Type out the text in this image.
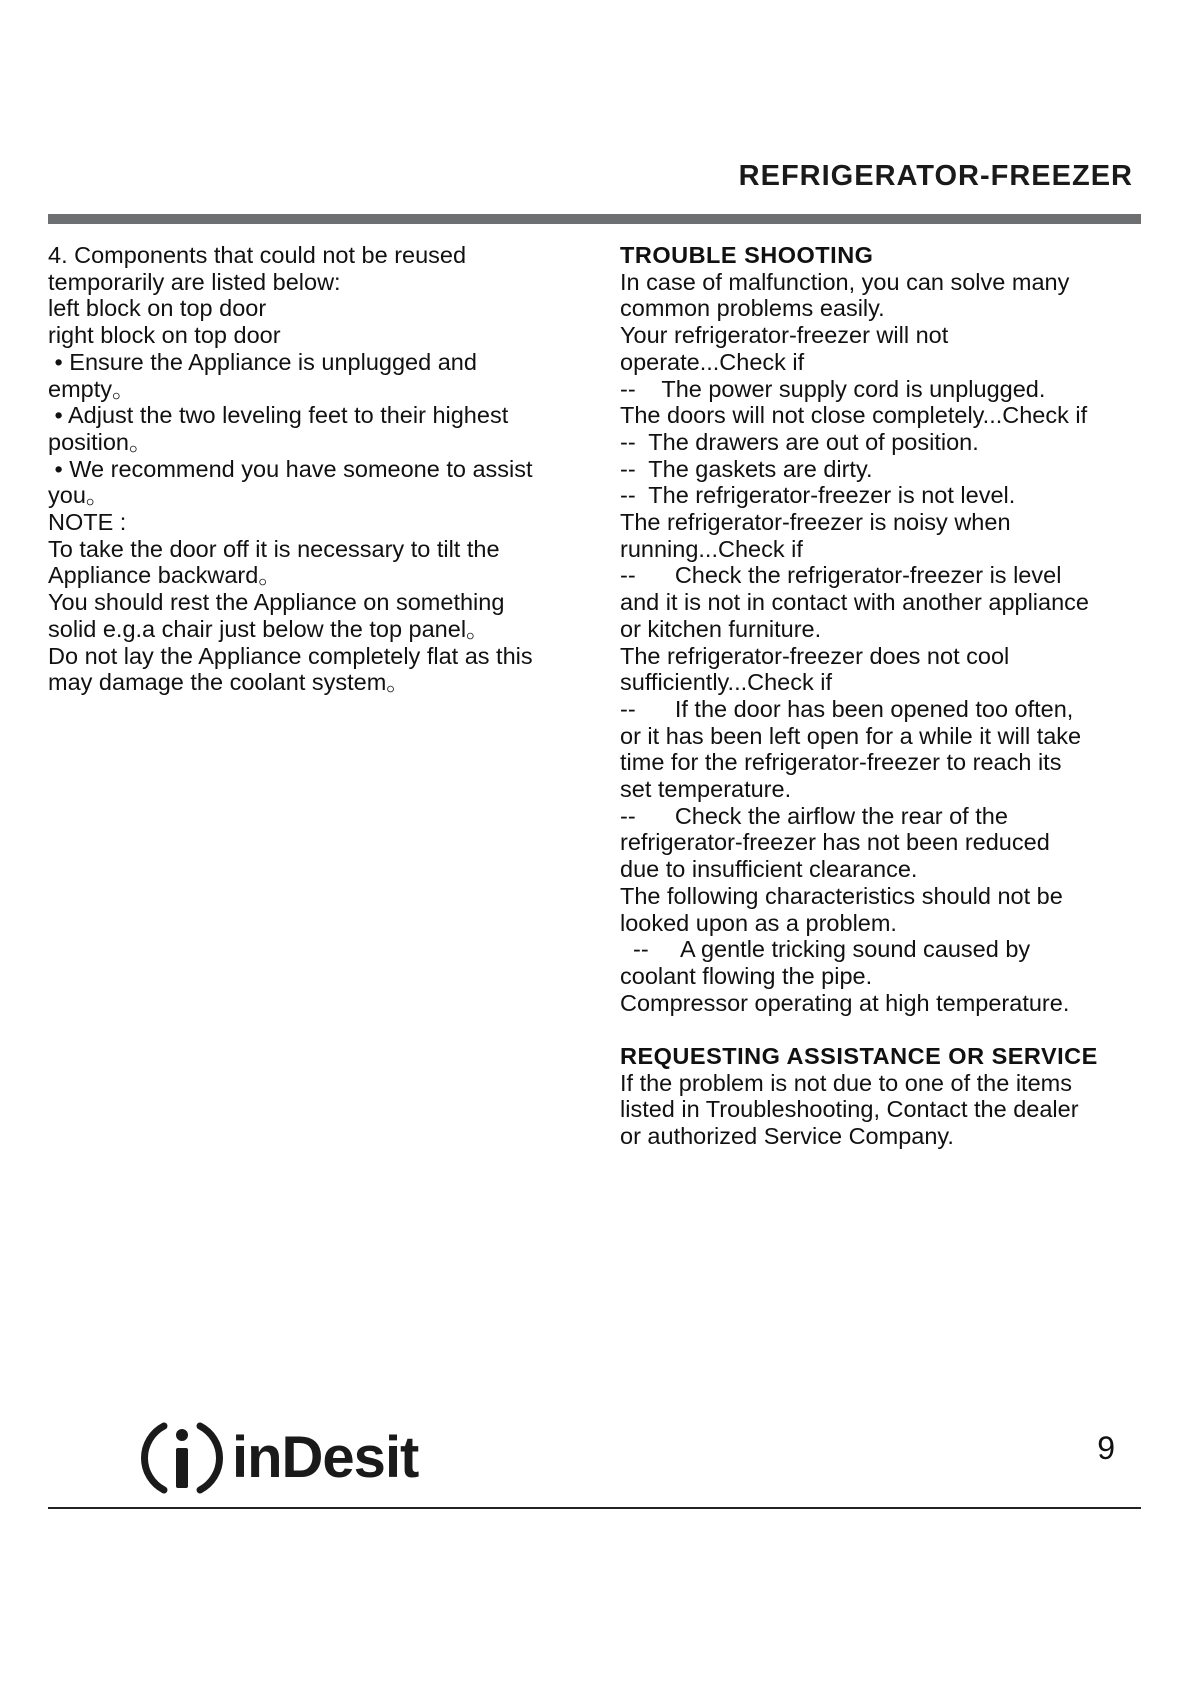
REFRIGERATOR-FREEZER
4. Components that could not be reused
temporarily are listed below:
left block on top door
right block on top door
• Ensure the Appliance is unplugged and
empty。
• Adjust the two leveling feet to their highest
position。
• We recommend you have someone to assist
you。
NOTE :
To take the door off it is necessary to tilt the
Appliance backward。
You should rest the Appliance on something
solid e.g.a chair just below the top panel。
Do not lay the Appliance completely flat as this
may damage the coolant system。
TROUBLE SHOOTING
In case of malfunction, you can solve many
common problems easily.
Your refrigerator-freezer will not
operate...Check if
--    The power supply cord is unplugged.
The doors will not close completely...Check if
--  The drawers are out of position.
--  The gaskets are dirty.
--  The refrigerator-freezer is not level.
The refrigerator-freezer is noisy when
running...Check if
--      Check the refrigerator-freezer is level
and it is not in contact with another appliance
or kitchen furniture.
The refrigerator-freezer does not cool
sufficiently...Check if
--      If the door has been opened too often,
or it has been left open for a while it will take
time for the refrigerator-freezer to reach its
set temperature.
--      Check the airflow the rear of the
refrigerator-freezer has not been reduced
due to insufficient clearance.
The following characteristics should not be
looked upon as a problem.
--     A gentle tricking sound caused by
coolant flowing the pipe.
Compressor operating at high temperature.
REQUESTING ASSISTANCE OR SERVICE
If the problem is not due to one of the items
listed in Troubleshooting, Contact the dealer
or authorized Service Company.
inDesit	9
